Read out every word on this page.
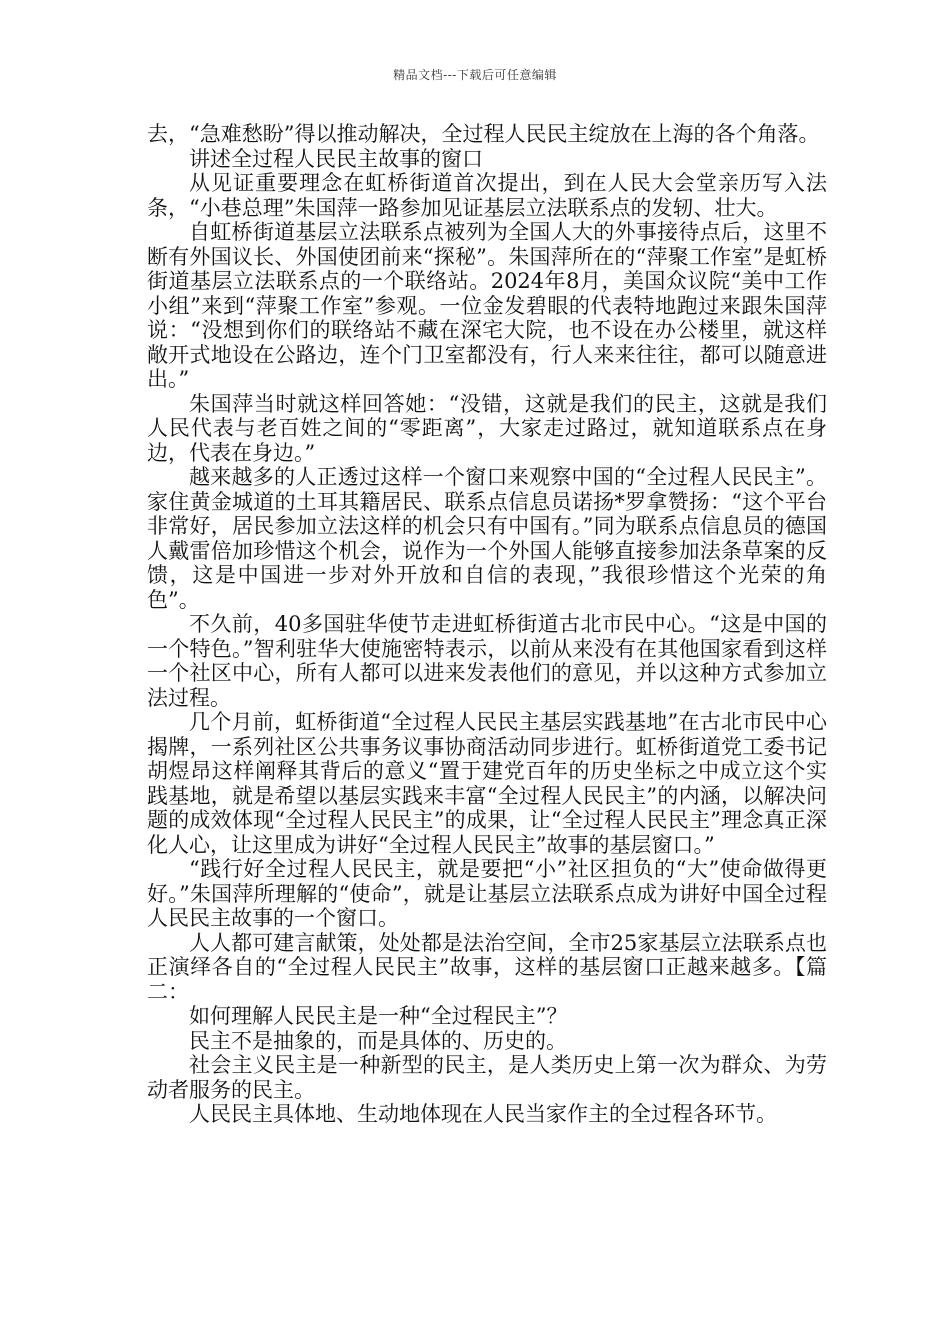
精品文档---下载后可任意编辑

去，“急难愁盼”得以推动解决，全过程人民民主绽放在上海的各个角落。

讲述全过程人民民主故事的窗口

从见证重要理念在虹桥街道首次提出，到在人民大会堂亲历写入法条，“小巷总理”朱国萍一路参加见证基层立法联系点的发轫、壮大。

自虹桥街道基层立法联系点被列为全国人大的外事接待点后，这里不断有外国议长、外国使团前来“探秘”。朱国萍所在的“萍聚工作室”是虹桥街道基层立法联系点的一个联络站。2024年8月，美国众议院“美中工作小组”来到“萍聚工作室”参观。一位金发碧眼的代表特地跑过来跟朱国萍说：“没想到你们的联络站不藏在深宅大院，也不设在办公楼里，就这样敞开式地设在公路边，连个门卫室都没有，行人来来往往，都可以随意进出。”

朱国萍当时就这样回答她：“没错，这就是我们的民主，这就是我们人民代表与老百姓之间的“零距离”，大家走过路过，就知道联系点在身边，代表在身边。”

越来越多的人正透过这样一个窗口来观察中国的“全过程人民民主”。家住黄金城道的土耳其籍居民、联系点信息员诺扬*罗拿赞扬：“这个平台非常好，居民参加立法这样的机会只有中国有。”同为联系点信息员的德国人戴雷倍加珍惜这个机会，说作为一个外国人能够直接参加法条草案的反馈，这是中国进一步对外开放和自信的表现，”我很珍惜这个光荣的角色”。

不久前，40多国驻华使节走进虹桥街道古北市民中心。“这是中国的一个特色。”智利驻华大使施密特表示，以前从来没有在其他国家看到这样一个社区中心，所有人都可以进来发表他们的意见，并以这种方式参加立法过程。

几个月前，虹桥街道“全过程人民民主基层实践基地”在古北市民中心揭牌，一系列社区公共事务议事协商活动同步进行。虹桥街道党工委书记胡煜昂这样阐释其背后的意义“置于建党百年的历史坐标之中成立这个实践基地，就是希望以基层实践来丰富“全过程人民民主”的内涵，以解决问题的成效体现“全过程人民民主”的成果，让“全过程人民民主”理念真正深化人心，让这里成为讲好“全过程人民民主”故事的基层窗口。”

“践行好全过程人民民主，就是要把“小”社区担负的“大”使命做得更好。”朱国萍所理解的“使命”，就是让基层立法联系点成为讲好中国全过程人民民主故事的一个窗口。

人人都可建言献策，处处都是法治空间，全市25家基层立法联系点也正演绎各自的“全过程人民民主”故事，这样的基层窗口正越来越多。【篇二：

如何理解人民民主是一种“全过程民主”？

民主不是抽象的，而是具体的、历史的。

社会主义民主是一种新型的民主，是人类历史上第一次为群众、为劳动者服务的民主。

人民民主具体地、生动地体现在人民当家作主的全过程各环节。
